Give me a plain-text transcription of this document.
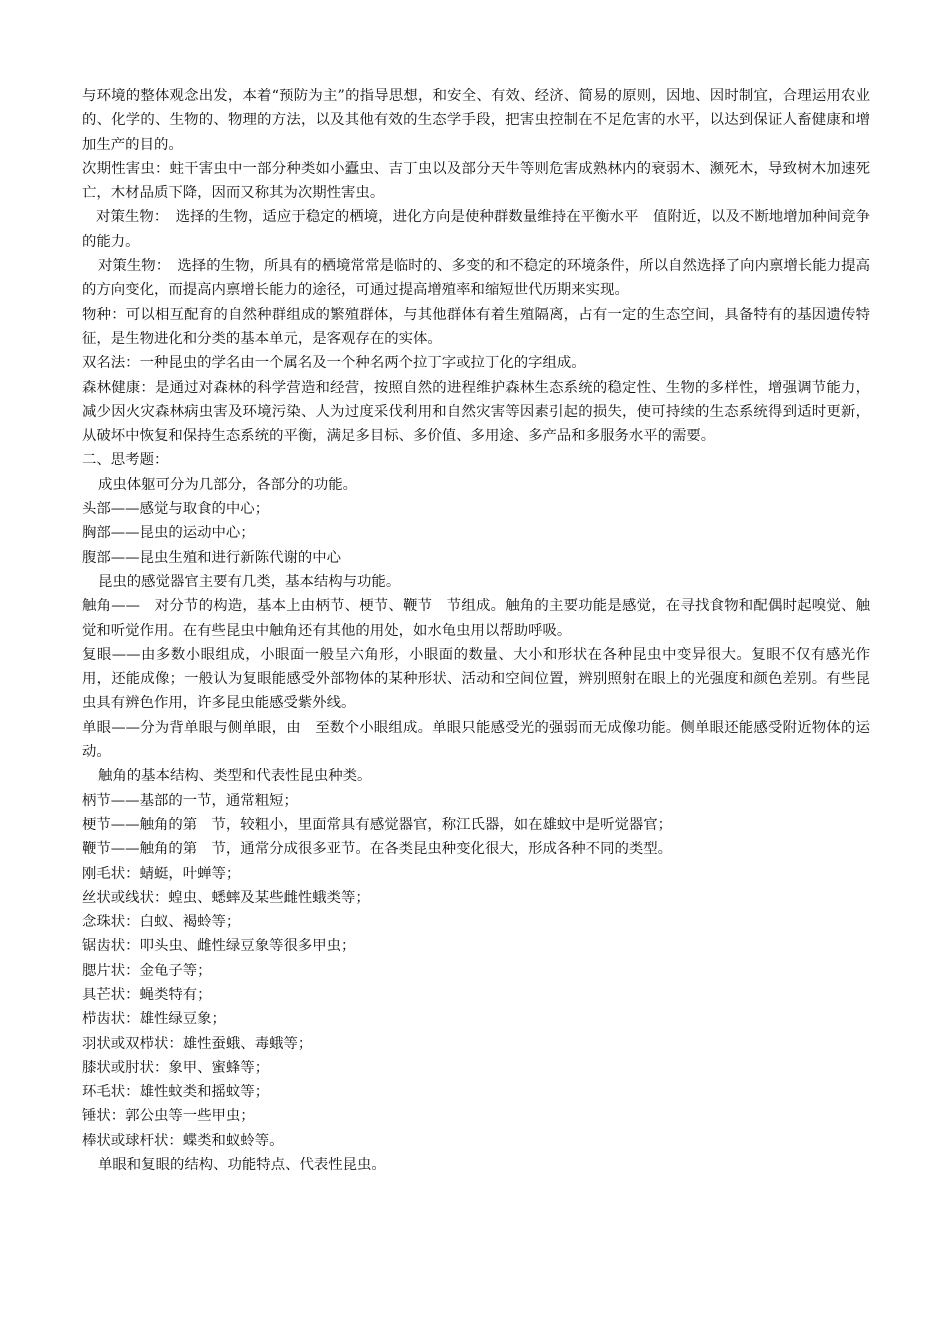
与环境的整体观念出发，本着“预防为主”的指导思想，和安全、有效、经济、简易的原则，因地、因时制宜，合理运用农业的、化学的、生物的、物理的方法，以及其他有效的生态学手段，把害虫控制在不足危害的水平，以达到保证人畜健康和增加生产的目的。

次期性害虫：蛀干害虫中一部分种类如小蠹虫、吉丁虫以及部分天牛等则危害成熟林内的衰弱木、濒死木，导致树木加速死亡，木材品质下降，因而又称其为次期性害虫。

对策生物：　选择的生物，适应于稳定的栖境，进化方向是使种群数量维持在平衡水平　值附近，以及不断地增加种间竞争的能力。

对策生物：　选择的生物，所具有的栖境常常是临时的、多变的和不稳定的环境条件，所以自然选择了向内禀增长能力提高的方向变化，而提高内禀增长能力的途径，可通过提高增殖率和缩短世代历期来实现。

物种：可以相互配育的自然种群组成的繁殖群体，与其他群体有着生殖隔离，占有一定的生态空间，具备特有的基因遗传特征，是生物进化和分类的基本单元，是客观存在的实体。

双名法：一种昆虫的学名由一个属名及一个种名两个拉丁字或拉丁化的字组成。

森林健康：是通过对森林的科学营造和经营，按照自然的进程维护森林生态系统的稳定性、生物的多样性，增强调节能力，减少因火灾森林病虫害及环境污染、人为过度采伐利用和自然灾害等因素引起的损失，使可持续的生态系统得到适时更新，从破坏中恢复和保持生态系统的平衡，满足多目标、多价值、多用途、多产品和多服务水平的需要。

二、思考题：

成虫体躯可分为几部分，各部分的功能。

头部——感觉与取食的中心；

胸部——昆虫的运动中心；

腹部——昆虫生殖和进行新陈代谢的中心

昆虫的感觉器官主要有几类，基本结构与功能。

触角——　对分节的构造，基本上由柄节、梗节、鞭节　节组成。触角的主要功能是感觉，在寻找食物和配偶时起嗅觉、触觉和听觉作用。在有些昆虫中触角还有其他的用处，如水龟虫用以帮助呼吸。

复眼——由多数小眼组成，小眼面一般呈六角形，小眼面的数量、大小和形状在各种昆虫中变异很大。复眼不仅有感光作用，还能成像；一般认为复眼能感受外部物体的某种形状、活动和空间位置，辨别照射在眼上的光强度和颜色差别。有些昆虫具有辨色作用，许多昆虫能感受紫外线。

单眼——分为背单眼与侧单眼，由　至数个小眼组成。单眼只能感受光的强弱而无成像功能。侧单眼还能感受附近物体的运动。

触角的基本结构、类型和代表性昆虫种类。

柄节——基部的一节，通常粗短；

梗节——触角的第　节，较粗小，里面常具有感觉器官，称江氏器，如在雄蚊中是听觉器官；

鞭节——触角的第　节，通常分成很多亚节。在各类昆虫种变化很大，形成各种不同的类型。

刚毛状：蜻蜓，叶蝉等；

丝状或线状：蝗虫、蟋蟀及某些雌性蛾类等；

念珠状：白蚁、褐蛉等；

锯齿状：叩头虫、雌性绿豆象等很多甲虫；

腮片状：金龟子等；

具芒状：蝇类特有；

栉齿状：雄性绿豆象；

羽状或双栉状：雄性蚕蛾、毒蛾等；

膝状或肘状：象甲、蜜蜂等；

环毛状：雄性蚊类和摇蚊等；

锤状：郭公虫等一些甲虫；

棒状或球杆状：蝶类和蚁蛉等。

单眼和复眼的结构、功能特点、代表性昆虫。
